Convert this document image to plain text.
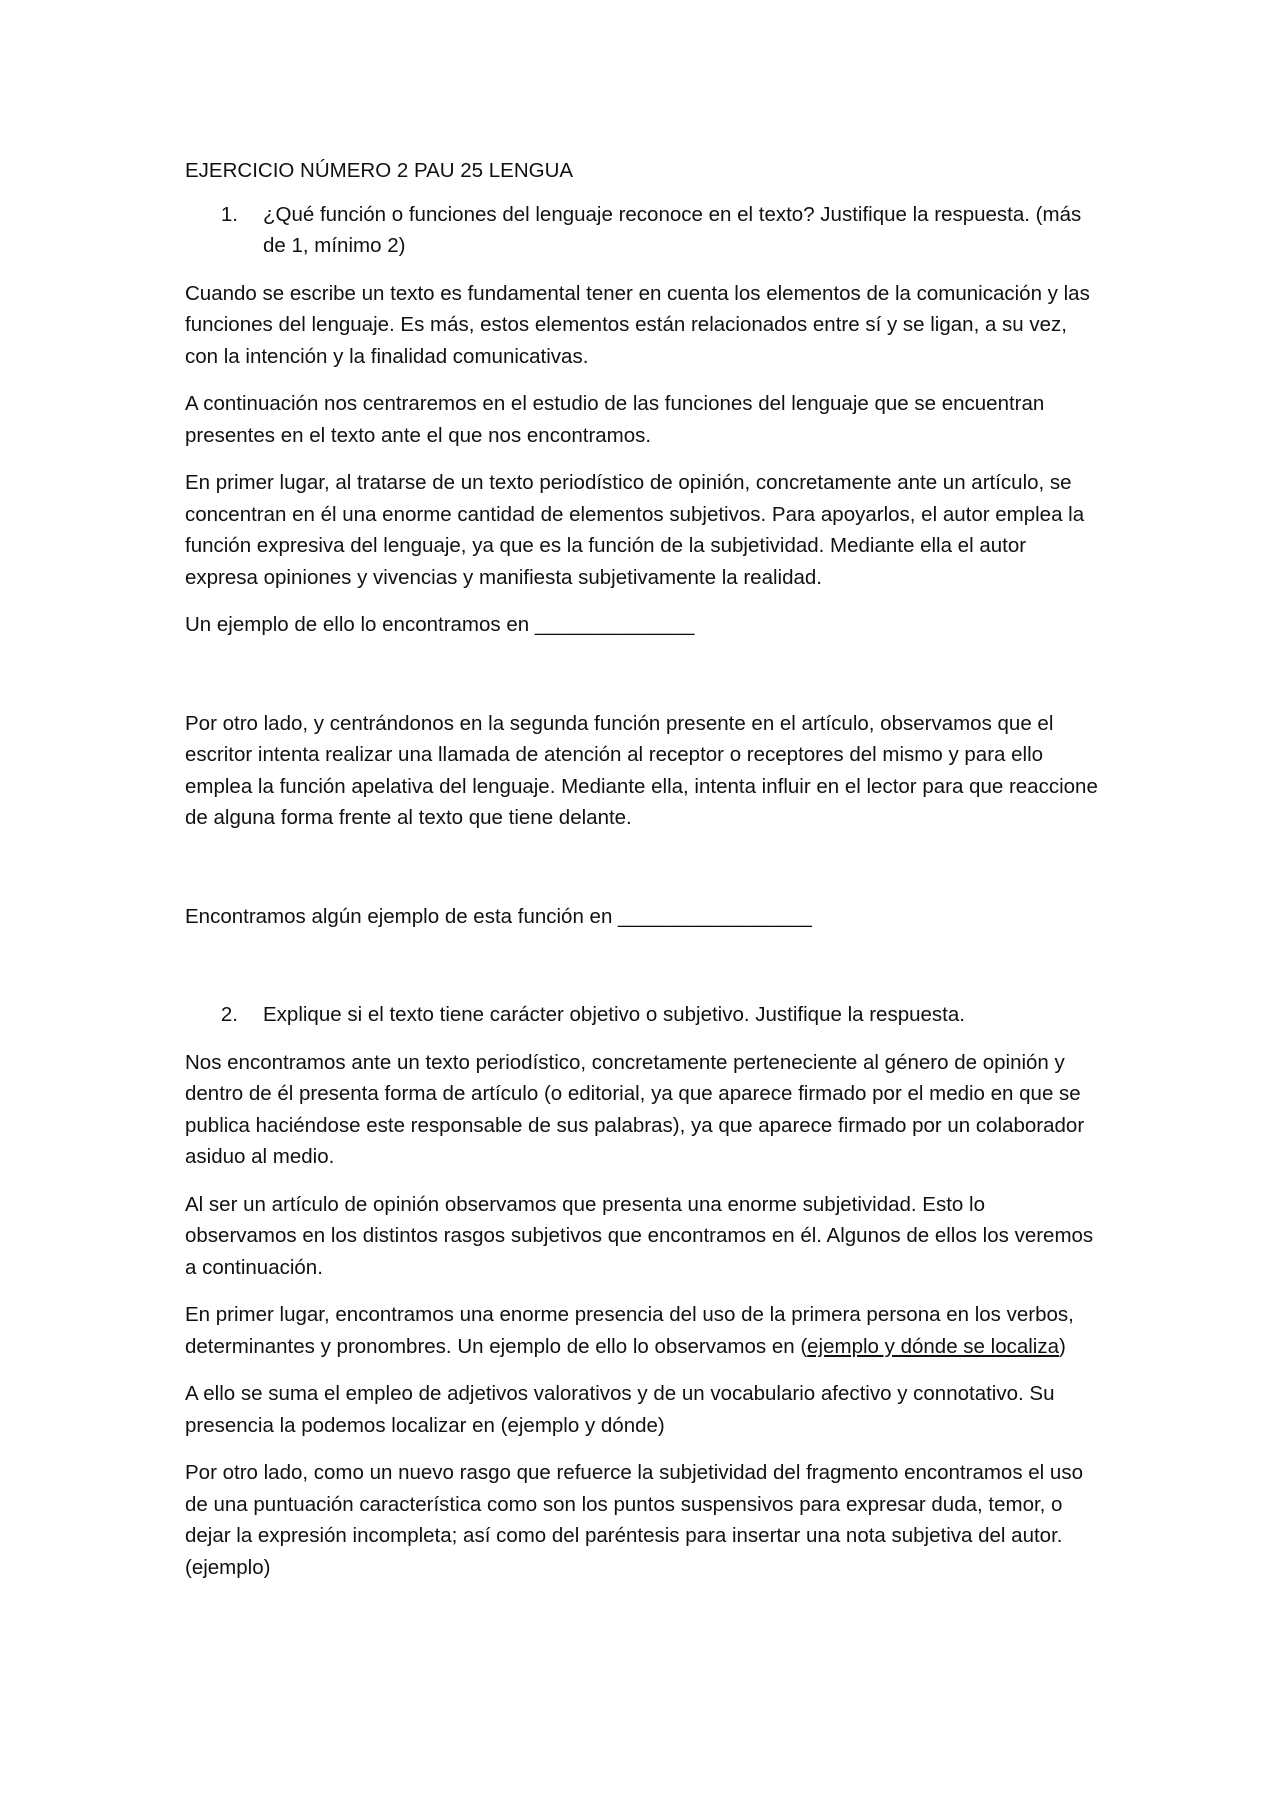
EJERCICIO NÚMERO 2 PAU 25 LENGUA
1.	¿Qué función o funciones del lenguaje reconoce en el texto? Justifique la respuesta. (más de 1, mínimo 2)

Cuando se escribe un texto es fundamental tener en cuenta los elementos de la comunicación y las funciones del lenguaje. Es más, estos elementos están relacionados entre sí y se ligan, a su vez, con la intención y la finalidad comunicativas.

A continuación nos centraremos en el estudio de las funciones del lenguaje que se encuentran presentes en el texto ante el que nos encontramos.

En primer lugar, al tratarse de un texto periodístico de opinión, concretamente ante un artículo, se concentran en él una enorme cantidad de elementos subjetivos. Para apoyarlos, el autor emplea la función expresiva del lenguaje, ya que es la función de la subjetividad. Mediante ella el autor expresa opiniones y vivencias y manifiesta subjetivamente la realidad.

Un ejemplo de ello lo encontramos en ______________

Por otro lado, y centrándonos en la segunda función presente en el artículo, observamos que el escritor intenta realizar una llamada de atención al receptor o receptores del mismo y para ello emplea la función apelativa del lenguaje. Mediante ella, intenta influir en el lector para que reaccione de alguna forma frente al texto que tiene delante.

Encontramos algún ejemplo de esta función en _________________

2.	Explique si el texto tiene carácter objetivo o subjetivo. Justifique la respuesta.

Nos encontramos ante un texto periodístico, concretamente perteneciente al género de opinión y dentro de él presenta forma de artículo (o editorial, ya que aparece firmado por el medio en que se publica haciéndose este responsable de sus palabras), ya que aparece firmado por un colaborador asiduo al medio.

Al ser un artículo de opinión observamos que presenta una enorme subjetividad. Esto lo observamos en los distintos rasgos subjetivos que encontramos en él. Algunos de ellos los veremos a continuación.

En primer lugar, encontramos una enorme presencia del uso de la primera persona en los verbos, determinantes y pronombres. Un ejemplo de ello lo observamos en (ejemplo y dónde se localiza)

A ello se suma el empleo de adjetivos valorativos y de un vocabulario afectivo y connotativo. Su presencia la podemos localizar en (ejemplo y dónde)

Por otro lado, como un nuevo rasgo que refuerce la subjetividad del fragmento encontramos el uso de una puntuación característica como son los puntos suspensivos para expresar duda, temor, o dejar la expresión incompleta; así como del paréntesis para insertar una nota subjetiva del autor. (ejemplo)
